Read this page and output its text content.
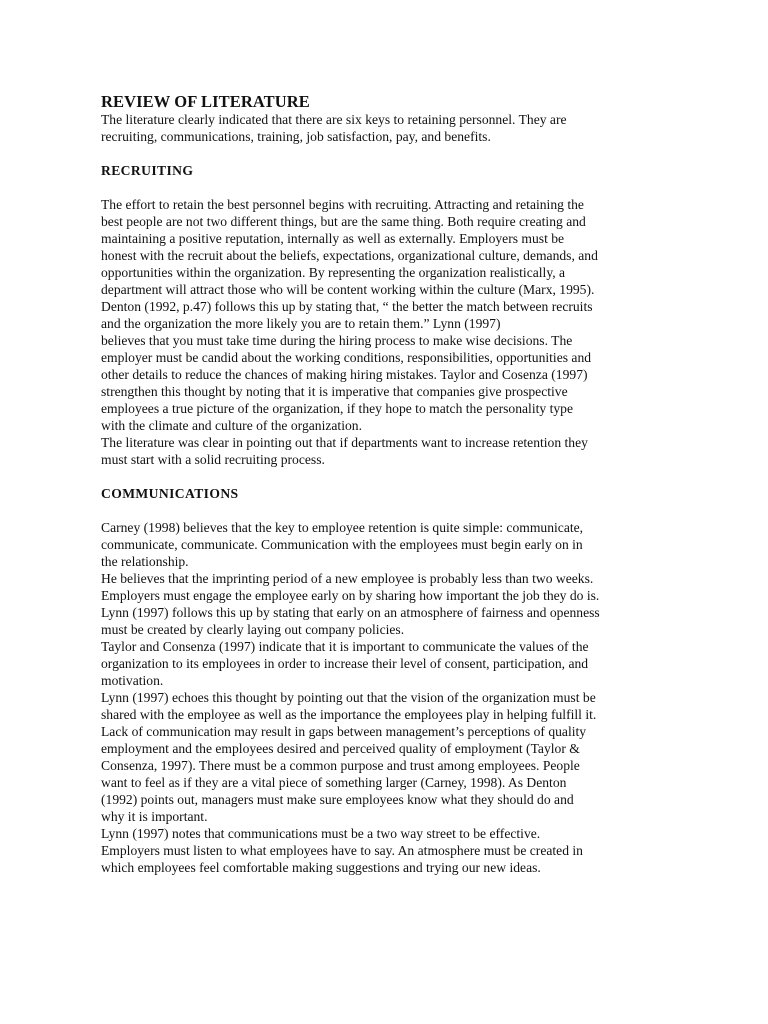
REVIEW OF LITERATURE
The literature clearly indicated that there are six keys to retaining personnel. They are
recruiting, communications, training, job satisfaction, pay, and benefits.
RECRUITING
The effort to retain the best personnel begins with recruiting. Attracting and retaining the
best people are not two different things, but are the same thing. Both require creating and
maintaining a positive reputation, internally as well as externally. Employers must be
honest with the recruit about the beliefs, expectations, organizational culture, demands, and
opportunities within the organization. By representing the organization realistically, a
department will attract those who will be content working within the culture (Marx, 1995).
Denton (1992, p.47) follows this up by stating that, “ the better the match between recruits
and the organization the more likely you are to retain them.” Lynn (1997)
believes that you must take time during the hiring process to make wise decisions. The
employer must be candid about the working conditions, responsibilities, opportunities and
other details to reduce the chances of making hiring mistakes. Taylor and Cosenza (1997)
strengthen this thought by noting that it is imperative that companies give prospective
employees a true picture of the organization, if they hope to match the personality type
with the climate and culture of the organization.
The literature was clear in pointing out that if departments want to increase retention they
must start with a solid recruiting process.
COMMUNICATIONS
Carney (1998) believes that the key to employee retention is quite simple: communicate,
communicate, communicate. Communication with the employees must begin early on in
the relationship.
He believes that the imprinting period of a new employee is probably less than two weeks.
Employers must engage the employee early on by sharing how important the job they do is.
Lynn (1997) follows this up by stating that early on an atmosphere of fairness and openness
must be created by clearly laying out company policies.
Taylor and Consenza (1997) indicate that it is important to communicate the values of the
organization to its employees in order to increase their level of consent, participation, and
motivation.
Lynn (1997) echoes this thought by pointing out that the vision of the organization must be
shared with the employee as well as the importance the employees play in helping fulfill it.
Lack of communication may result in gaps between management’s perceptions of quality
employment and the employees desired and perceived quality of employment (Taylor &
Consenza, 1997). There must be a common purpose and trust among employees. People
want to feel as if they are a vital piece of something larger (Carney, 1998). As Denton
(1992) points out, managers must make sure employees know what they should do and
why it is important.
Lynn (1997) notes that communications must be a two way street to be effective.
Employers must listen to what employees have to say. An atmosphere must be created in
which employees feel comfortable making suggestions and trying our new ideas.
